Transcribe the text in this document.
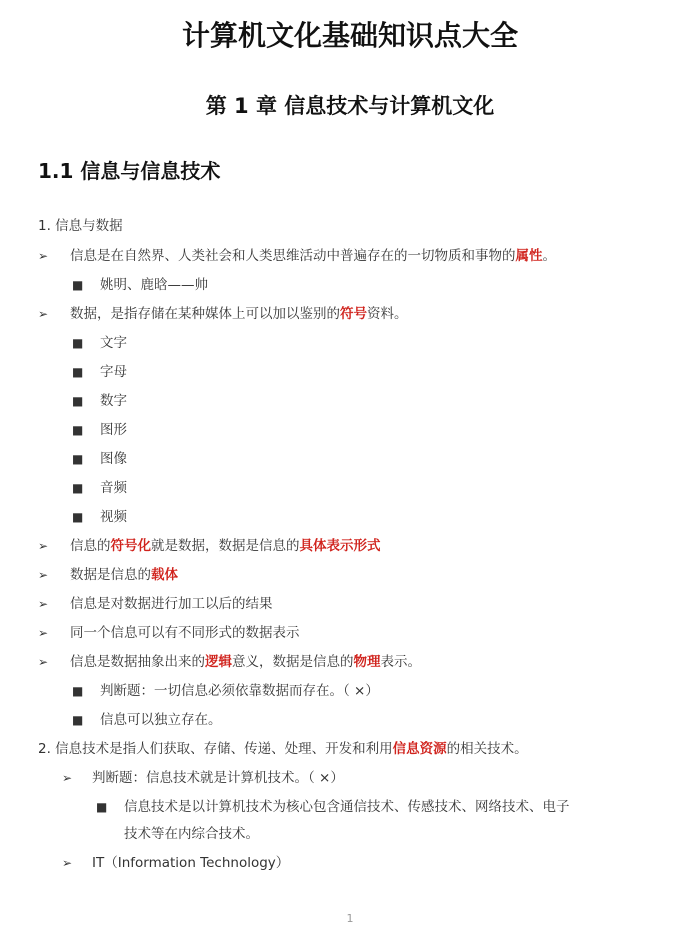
计算机文化基础知识点大全
第 1 章 信息技术与计算机文化
1.1 信息与信息技术
1. 信息与数据
➢ 信息是在自然界、人类社会和人类思维活动中普遍存在的一切物质和事物的属性。
■ 姚明、鹿晗——帅
➢ 数据，是指存储在某种媒体上可以加以鉴别的符号资料。
■ 文字
■ 字母
■ 数字
■ 图形
■ 图像
■ 音频
■ 视频
➢ 信息的符号化就是数据，数据是信息的具体表示形式
➢ 数据是信息的载体
➢ 信息是对数据进行加工以后的结果
➢ 同一个信息可以有不同形式的数据表示
➢ 信息是数据抽象出来的逻辑意义，数据是信息的物理表示。
■ 判断题：一切信息必须依靠数据而存在。（ ×）
■ 信息可以独立存在。
2. 信息技术是指人们获取、存储、传递、处理、开发和利用信息资源的相关技术。
➢ 判断题：信息技术就是计算机技术。（ ×）
■ 信息技术是以计算机技术为核心包含通信技术、传感技术、网络技术、电子
技术等在内综合技术。
➢ IT（Information Technology）
1
